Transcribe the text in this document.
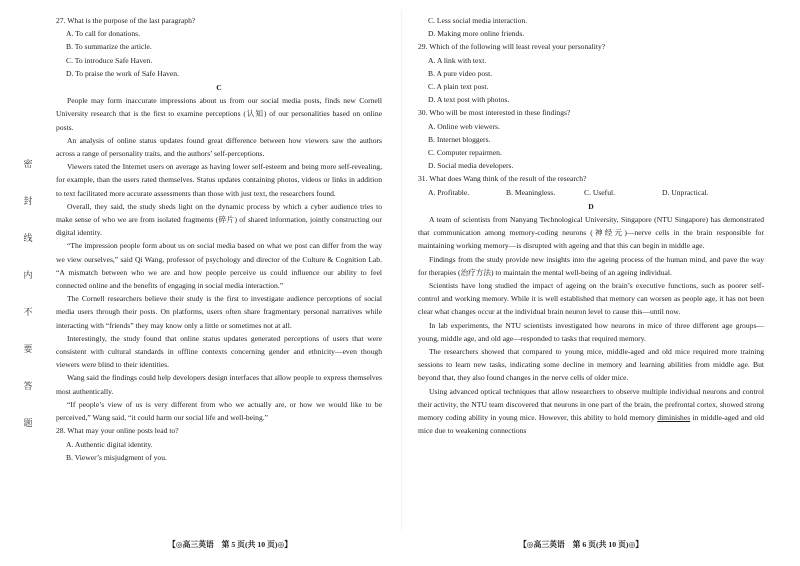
密
封
线
内
不
要
答
题

27. What is the purpose of the last paragraph?

A. To call for donations.

B. To summarize the article.

C. To introduce Safe Haven.

D. To praise the work of Safe Haven.

C

People may form inaccurate impressions about us from our social media posts, finds new Cornell University research that is the first to examine perceptions (认知) of our personalities based on online posts.

An analysis of online status updates found great difference between how viewers saw the authors across a range of personality traits, and the authors’ self-perceptions.

Viewers rated the Internet users on average as having lower self-esteem and being more self-revealing, for example, than the users rated themselves. Status updates containing photos, videos or links in addition to text facilitated more accurate assessments than those with just text, the researchers found.

Overall, they said, the study sheds light on the dynamic process by which a cyber audience tries to make sense of who we are from isolated fragments (碎片) of shared information, jointly constructing our digital identity.

“The impression people form about us on social media based on what we post can differ from the way we view ourselves,” said Qi Wang, professor of psychology and director of the Culture & Cognition Lab. “A mismatch between who we are and how people perceive us could influence our ability to feel connected online and the benefits of engaging in social media interaction.”

The Cornell researchers believe their study is the first to investigate audience perceptions of social media users through their posts. On platforms, users often share fragmentary personal narratives while interacting with “friends” they may know only a little or sometimes not at all.

Interestingly, the study found that online status updates generated perceptions of users that were consistent with cultural standards in offline contexts concerning gender and ethnicity—even though viewers were blind to their identities.

Wang said the findings could help developers design interfaces that allow people to express themselves most authentically.

“If people’s view of us is very different from who we actually are, or how we would like to be perceived,” Wang said, “it could harm our social life and well-being.”

28. What may your online posts lead to?

A. Authentic digital identity.

B. Viewer’s misjudgment of you.

C. Less social media interaction.

D. Making more online friends.

29. Which of the following will least reveal your personality?

A. A link with text.

B. A pure video post.

C. A plain text post.

D. A text post with photos.

30. Who will be most interested in these findings?

A. Online web viewers.

B. Internet bloggers.

C. Computer repairmen.

D. Social media developers.

31. What does Wang think of the result of the research?

A. Profitable.	B. Meaningless.	C. Useful.	D. Unpractical.

D

A team of scientists from Nanyang Technological University, Singapore (NTU Singapore) has demonstrated that communication among memory-coding neurons (神经元)—nerve cells in the brain responsible for maintaining working memory—is disrupted with ageing and that this can begin in middle age.

Findings from the study provide new insights into the ageing process of the human mind, and pave the way for therapies (治疗方法) to maintain the mental well-being of an ageing individual.

Scientists have long studied the impact of ageing on the brain’s executive functions, such as poorer self-control and working memory. While it is well established that memory can worsen as people age, it has not been clear what changes occur at the individual brain neuron level to cause this—until now.

In lab experiments, the NTU scientists investigated how neurons in mice of three different age groups—young, middle age, and old age—responded to tasks that required memory.

The researchers showed that compared to young mice, middle-aged and old mice required more training sessions to learn new tasks, indicating some decline in memory and learning abilities from middle age. But beyond that, they also found changes in the nerve cells of older mice.

Using advanced optical techniques that allow researchers to observe multiple individual neurons and control their activity, the NTU team discovered that neurons in one part of the brain, the prefrontal cortex, showed strong memory coding ability in young mice. However, this ability to hold memory diminishes in middle-aged and old mice due to weakening connections

【◎高三英语　第 5 页(共 10 页)◎】	【◎高三英语　第 6 页(共 10 页)◎】
